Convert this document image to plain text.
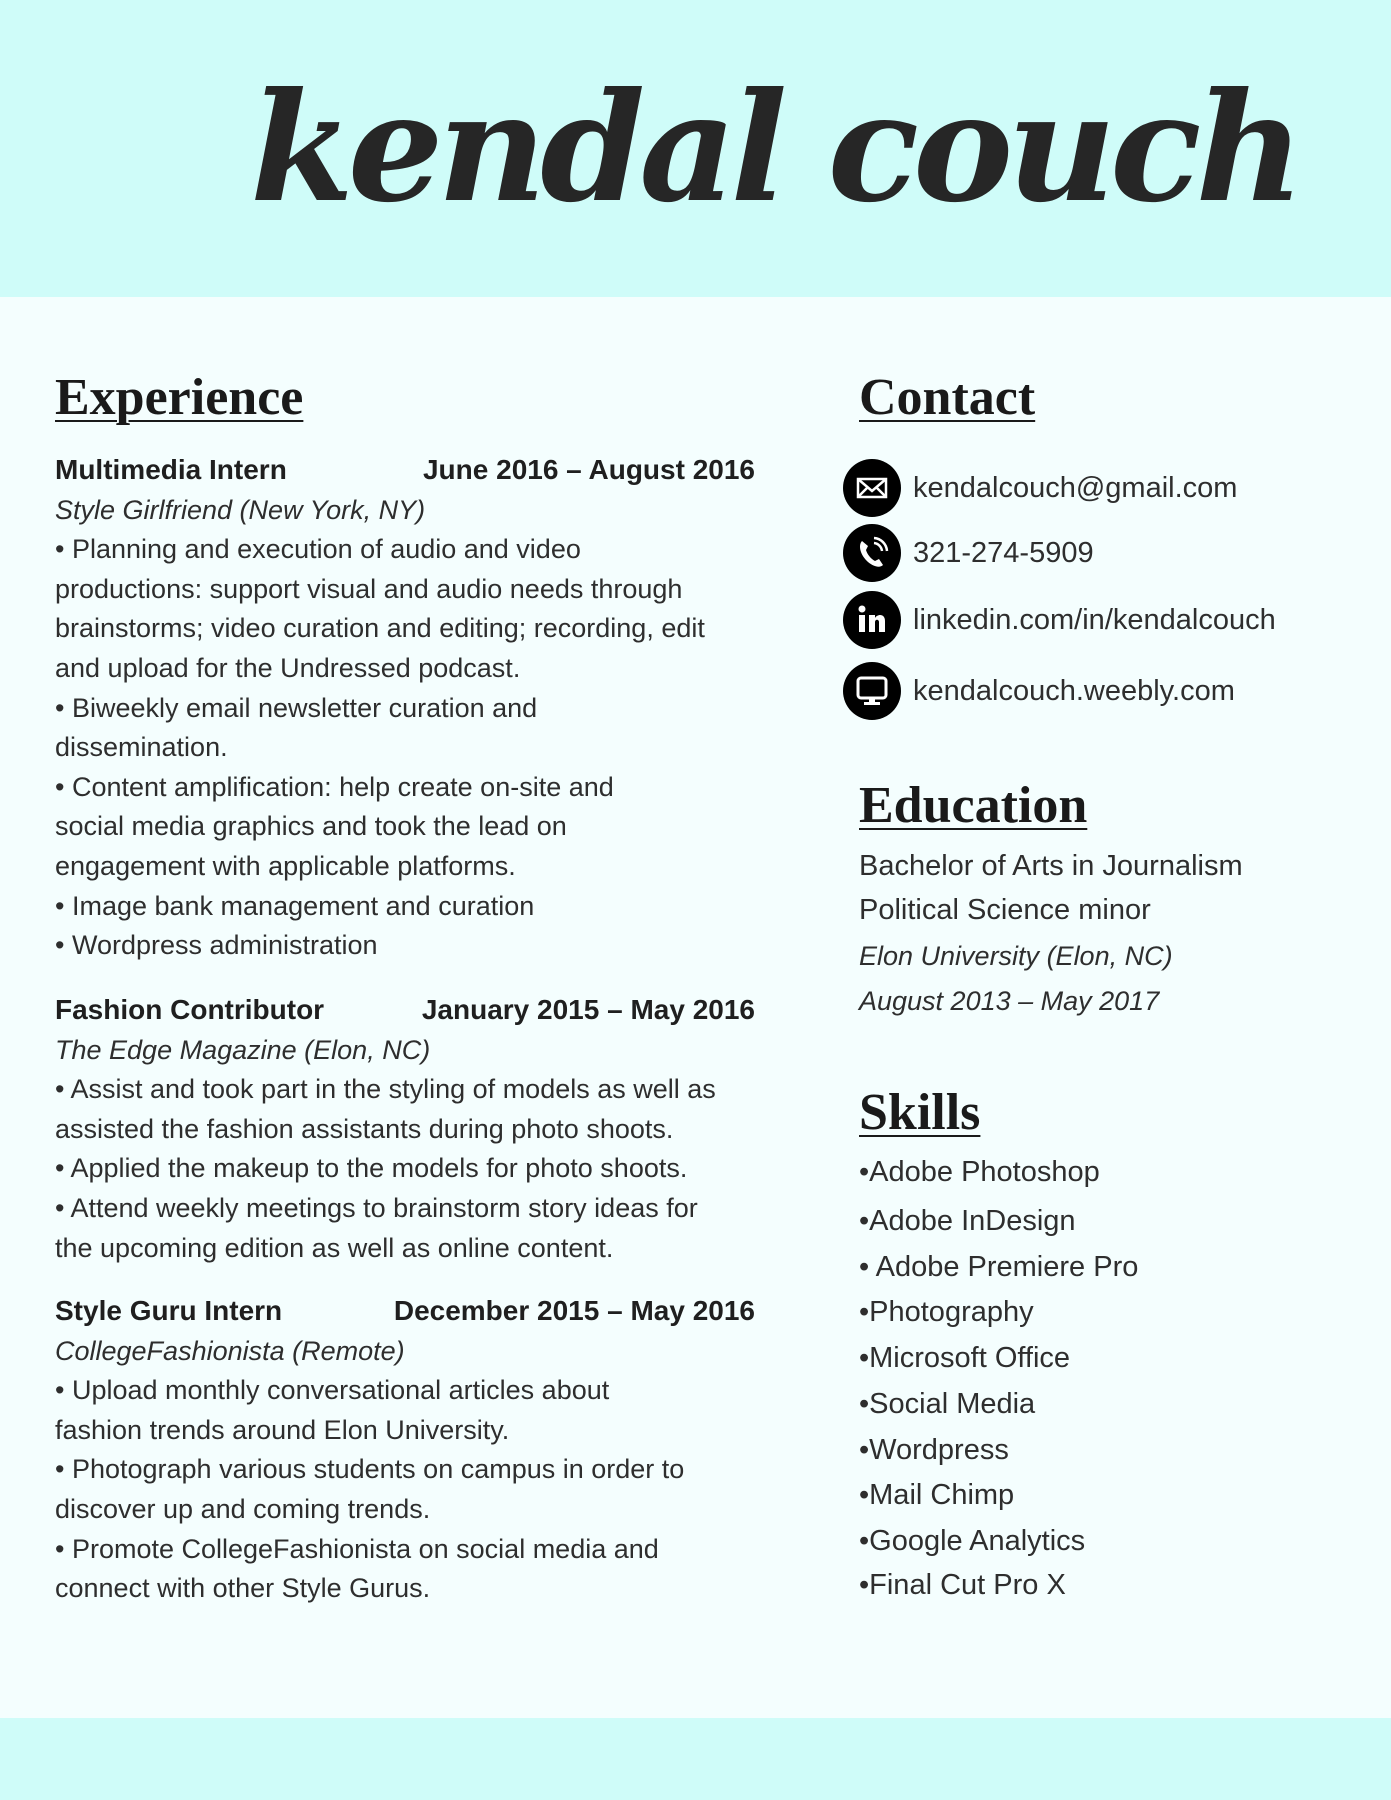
kendal couch
Experience
Multimedia Intern	June 2016 – August 2016
Style Girlfriend (New York, NY)
• Planning and execution of audio and video
productions: support visual and audio needs through
brainstorms; video curation and editing; recording, edit
and upload for the Undressed podcast.
• Biweekly email newsletter curation and
dissemination.
• Content amplification: help create on-site and
social media graphics and took the lead on
engagement with applicable platforms.
• Image bank management and curation
• Wordpress administration
Fashion Contributor	January 2015 – May 2016
The Edge Magazine (Elon, NC)
• Assist and took part in the styling of models as well as
assisted the fashion assistants during photo shoots.
• Applied the makeup to the models for photo shoots.
• Attend weekly meetings to brainstorm story ideas for
the upcoming edition as well as online content.
Style Guru Intern	December 2015 – May 2016
CollegeFashionista (Remote)
• Upload monthly conversational articles about
fashion trends around Elon University.
• Photograph various students on campus in order to
discover up and coming trends.
• Promote CollegeFashionista on social media and
connect with other Style Gurus.
Contact
kendalcouch@gmail.com
321-274-5909
linkedin.com/in/kendalcouch
kendalcouch.weebly.com
Education
Bachelor of Arts in Journalism
Political Science minor
Elon University (Elon, NC)
August 2013 – May 2017
Skills
•Adobe Photoshop
•Adobe InDesign
• Adobe Premiere Pro
•Photography
•Microsoft Office
•Social Media
•Wordpress
•Mail Chimp
•Google Analytics
•Final Cut Pro X
